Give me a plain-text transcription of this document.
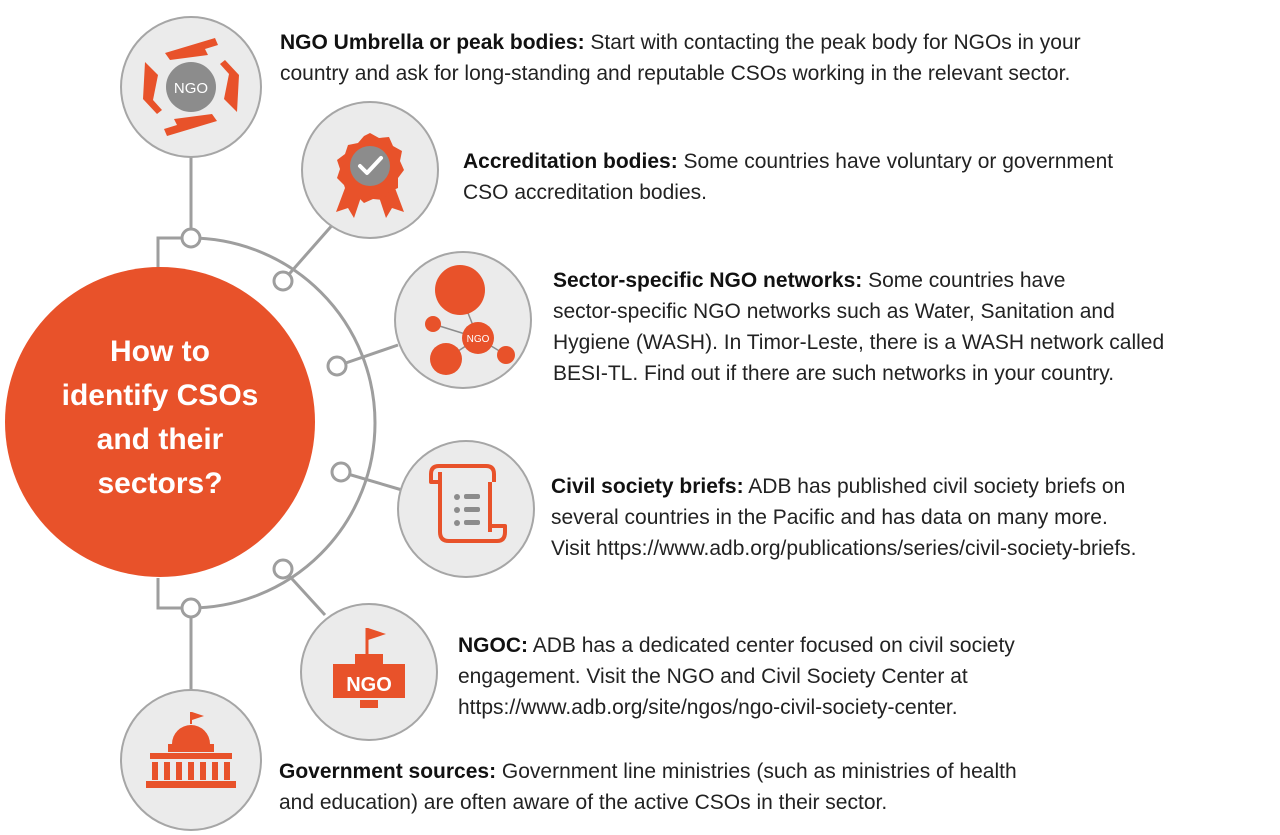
NGO
NGO
NGO
How to
identify CSOs
and their
sectors?
NGO Umbrella or peak bodies: Start with contacting the peak body for NGOs in your
country and ask for long-standing and reputable CSOs working in the relevant sector.
Accreditation bodies: Some countries have voluntary or government
CSO accreditation bodies.
Sector-specific NGO networks: Some countries have
sector-specific NGO networks such as Water, Sanitation and
Hygiene (WASH). In Timor-Leste, there is a WASH network called
BESI-TL. Find out if there are such networks in your country.
Civil society briefs: ADB has published civil society briefs on
several countries in the Pacific and has data on many more.
Visit https://www.adb.org/publications/series/civil-society-briefs.
NGOC: ADB has a dedicated center focused on civil society
engagement. Visit the NGO and Civil Society Center at
https://www.adb.org/site/ngos/ngo-civil-society-center.
Government sources: Government line ministries (such as ministries of health
and education) are often aware of the active CSOs in their sector.
